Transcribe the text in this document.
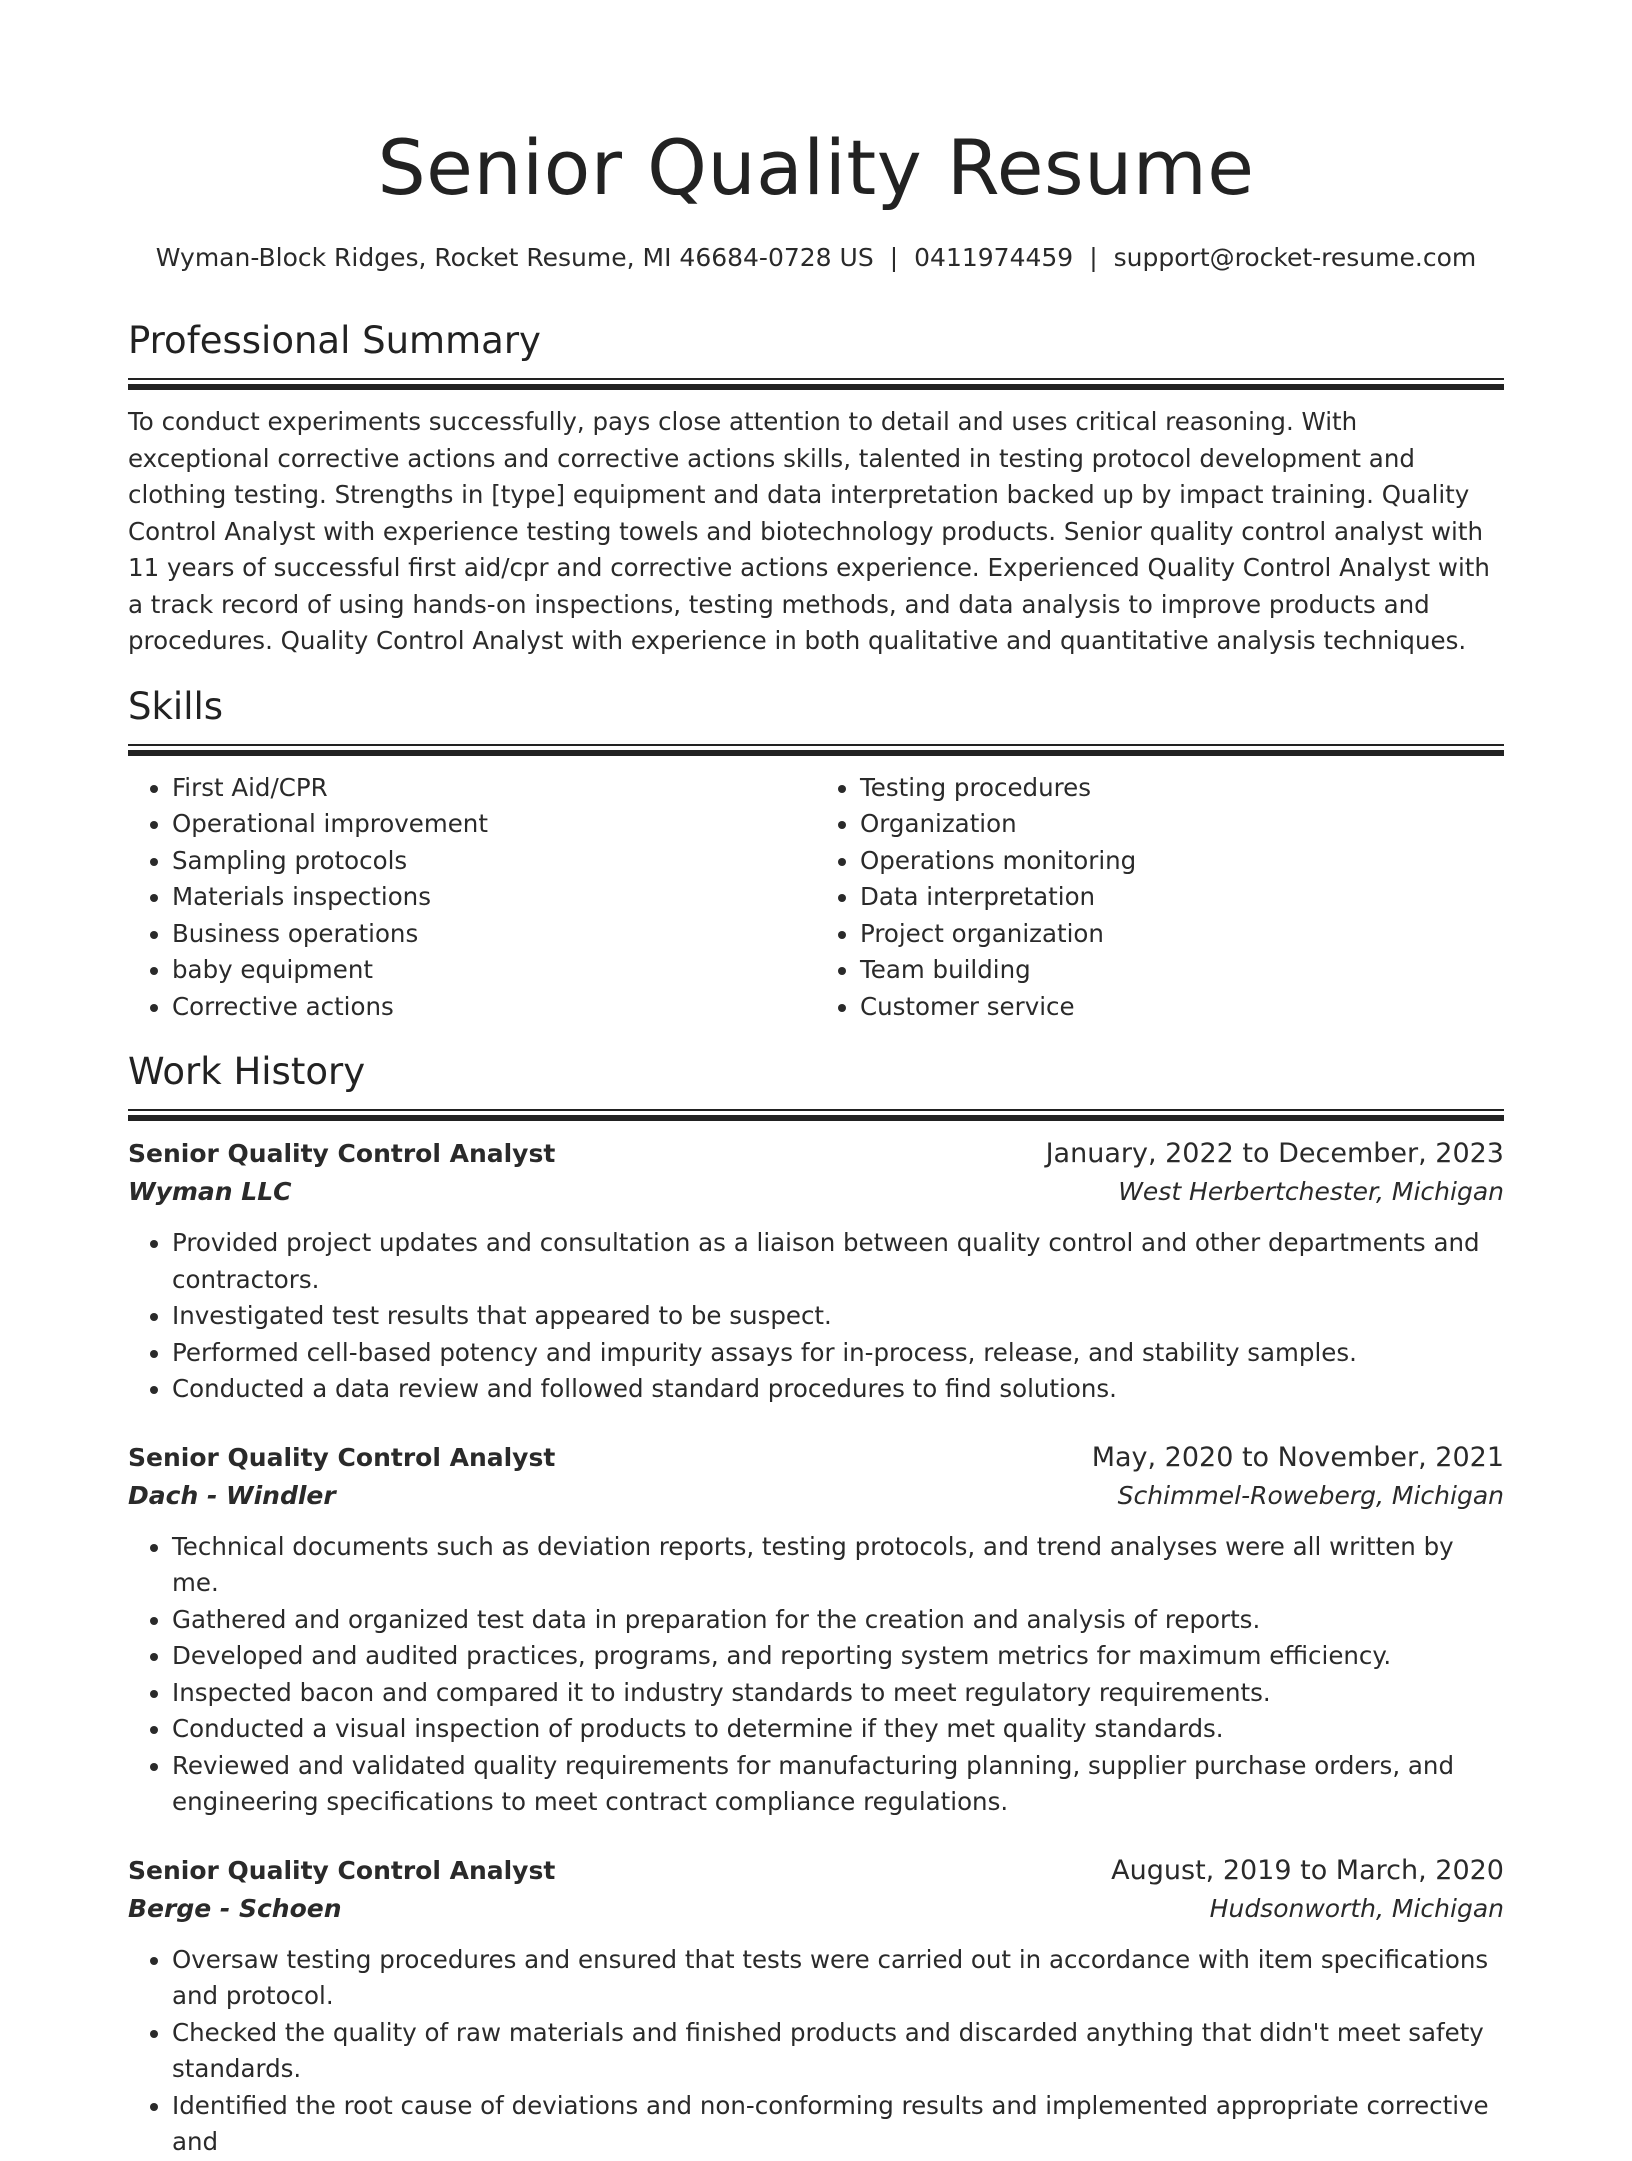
Senior Quality Resume
Wyman-Block Ridges, Rocket Resume, MI 46684-0728 US | 0411974459 | support@rocket-resume.com
Professional Summary

To conduct experiments successfully, pays close attention to detail and uses critical reasoning. With exceptional corrective actions and corrective actions skills, talented in testing protocol development and clothing testing. Strengths in [type] equipment and data interpretation backed up by impact training. Quality Control Analyst with experience testing towels and biotechnology products. Senior quality control analyst with 11 years of successful first aid/cpr and corrective actions experience. Experienced Quality Control Analyst with a track record of using hands-on inspections, testing methods, and data analysis to improve products and procedures. Quality Control Analyst with experience in both qualitative and quantitative analysis techniques.

Skills
• First Aid/CPR
• Operational improvement
• Sampling protocols
• Materials inspections
• Business operations
• baby equipment
• Corrective actions
• Testing procedures
• Organization
• Operations monitoring
• Data interpretation
• Project organization
• Team building
• Customer service
Work History
Senior Quality Control Analyst	January, 2022 to December, 2023
Wyman LLC	West Herbertchester, Michigan
• Provided project updates and consultation as a liaison between quality control and other departments and contractors.
• Investigated test results that appeared to be suspect.
• Performed cell-based potency and impurity assays for in-process, release, and stability samples.
• Conducted a data review and followed standard procedures to find solutions.
Senior Quality Control Analyst	May, 2020 to November, 2021
Dach - Windler	Schimmel-Roweberg, Michigan
• Technical documents such as deviation reports, testing protocols, and trend analyses were all written by me.
• Gathered and organized test data in preparation for the creation and analysis of reports.
• Developed and audited practices, programs, and reporting system metrics for maximum efficiency.
• Inspected bacon and compared it to industry standards to meet regulatory requirements.
• Conducted a visual inspection of products to determine if they met quality standards.
• Reviewed and validated quality requirements for manufacturing planning, supplier purchase orders, and engineering specifications to meet contract compliance regulations.
Senior Quality Control Analyst	August, 2019 to March, 2020
Berge - Schoen	Hudsonworth, Michigan
• Oversaw testing procedures and ensured that tests were carried out in accordance with item specifications and protocol.
• Checked the quality of raw materials and finished products and discarded anything that didn't meet safety standards.
• Identified the root cause of deviations and non-conforming results and implemented appropriate corrective and
